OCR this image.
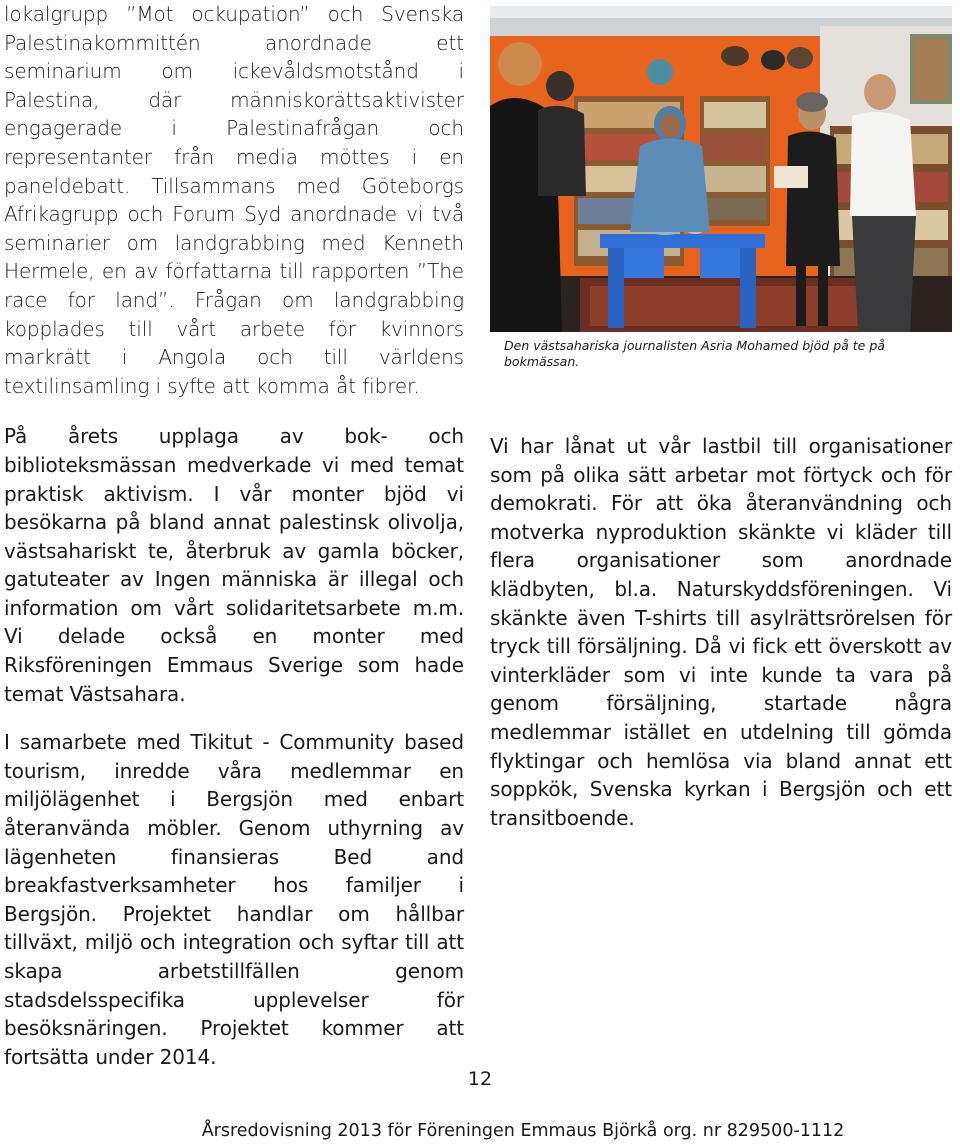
lokalgrupp ”Mot ockupation” och Svenska Palestinakommittén anordnade ett seminarium om ickevåldsmotstånd i Palestina, där människorättsaktivister engagerade i Palestinafrågan och representanter från media möttes i en paneldebatt. Tillsammans med Göteborgs Afrikagrupp och Forum Syd anordnade vi två seminarier om landgrabbing med Kenneth Hermele, en av författarna till rapporten ”The race for land”. Frågan om landgrabbing kopplades till vårt arbete för kvinnors markrätt i Angola och till världens textilinsamling i syfte att komma åt fibrer.

På årets upplaga av bok- och biblioteksmässan medverkade vi med temat praktisk aktivism. I vår monter bjöd vi besökarna på bland annat palestinsk olivolja, västsahariskt te, återbruk av gamla böcker, gatuteater av Ingen människa är illegal och information om vårt solidaritetsarbete m.m. Vi delade också en monter med Riksföreningen Emmaus Sverige som hade temat Västsahara.

I samarbete med Tikitut - Community based tourism, inredde våra medlemmar en miljölägenhet i Bergsjön med enbart återanvända möbler. Genom uthyrning av lägenheten finansieras Bed and breakfastverksamheter hos familjer i Bergsjön. Projektet handlar om hållbar tillväxt, miljö och integration och syftar till att skapa arbetstillfällen genom stadsdelsspecifika upplevelser för besöksnäringen. Projektet kommer att fortsätta under 2014.

Den västsahariska journalisten Asria Mohamed bjöd på te på bokmässan.

Vi har lånat ut vår lastbil till organisationer som på olika sätt arbetar mot förtyck och för demokrati. För att öka återanvändning och motverka nyproduktion skänkte vi kläder till flera organisationer som anordnade klädbyten, bl.a. Naturskyddsföreningen. Vi skänkte även T-shirts till asylrättsrörelsen för tryck till försäljning. Då vi fick ett överskott av vinterkläder som vi inte kunde ta vara på genom försäljning, startade några medlemmar istället en utdelning till gömda flyktingar och hemlösa via bland annat ett soppkök, Svenska kyrkan i Bergsjön och ett transitboende.

12
Årsredovisning 2013 för Föreningen Emmaus Björkå org. nr 829500-1112
